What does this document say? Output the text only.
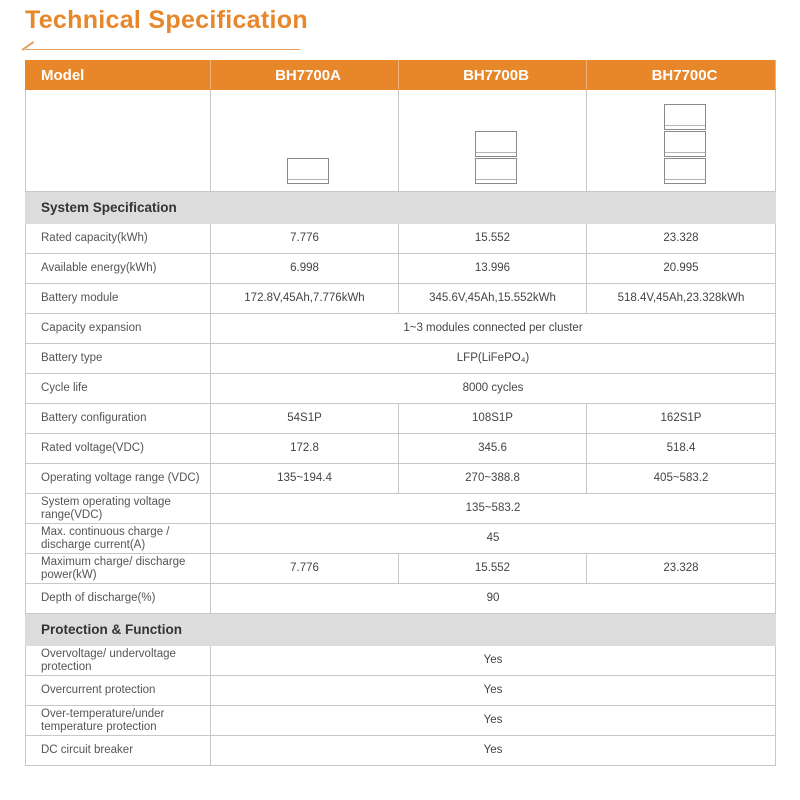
Technical Specification
Model	BH7700A	BH7700B	BH7700C

System Specification			
Rated capacity(kWh)	7.776	15.552	23.328
Available energy(kWh)	6.998	13.996	20.995
Battery module	172.8V,45Ah,7.776kWh	345.6V,45Ah,15.552kWh	518.4V,45Ah,23.328kWh
Capacity expansion	1~3 modules connected per cluster		
Battery type	LFP(LiFePO₄)		
Cycle life	8000 cycles		
Battery configuration	54S1P	108S1P	162S1P
Rated voltage(VDC)	172.8	345.6	518.4
Operating voltage range (VDC)	135~194.4	270~388.8	405~583.2
System operating voltage range(VDC)	135~583.2		
Max. continuous charge / discharge current(A)	45		
Maximum charge/ discharge power(kW)	7.776	15.552	23.328
Depth of discharge(%)	90		
Protection & Function			
Overvoltage/ undervoltage protection	Yes		
Overcurrent protection	Yes		
Over-temperature/under temperature protection	Yes		
DC circuit breaker	Yes		
